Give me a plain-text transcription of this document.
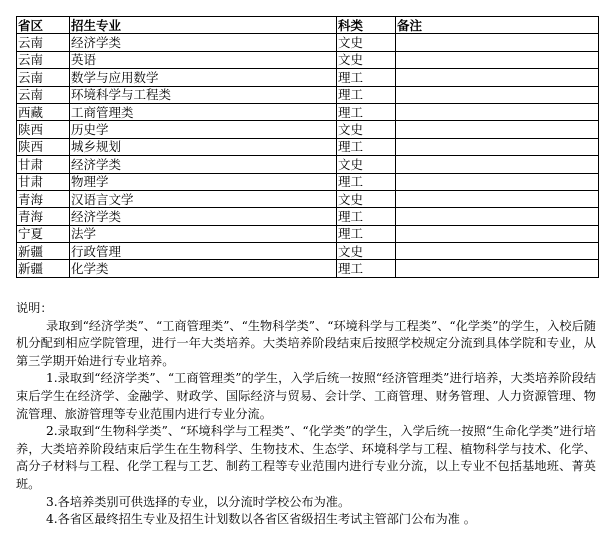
省区	招生专业	科类	备注
云南	经济学类	文史	
云南	英语	文史	
云南	数学与应用数学	理工	
云南	环境科学与工程类	理工	
西藏	工商管理类	理工	
陕西	历史学	文史	
陕西	城乡规划	理工	
甘肃	经济学类	文史	
甘肃	物理学	理工	
青海	汉语言文学	文史	
青海	经济学类	理工	
宁夏	法学	理工	
新疆	行政管理	文史	
新疆	化学类	理工	

说明：

录取到“经济学类”、“工商管理类”、“生物科学类”、“环境科学与工程类”、“化学类”的学生，入校后随机分配到相应学院管理，进行一年大类培养。大类培养阶段结束后按照学校规定分流到具体学院和专业，从第三学期开始进行专业培养。

1.录取到“经济学类”、“工商管理类”的学生，入学后统一按照“经济管理类”进行培养，大类培养阶段结束后学生在经济学、金融学、财政学、国际经济与贸易、会计学、工商管理、财务管理、人力资源管理、物流管理、旅游管理等专业范围内进行专业分流。

2.录取到“生物科学类”、“环境科学与工程类”、“化学类”的学生，入学后统一按照“生命化学类”进行培养，大类培养阶段结束后学生在生物科学、生物技术、生态学、环境科学与工程、植物科学与技术、化学、高分子材料与工程、化学工程与工艺、制药工程等专业范围内进行专业分流，以上专业不包括基地班、菁英班。

3.各培养类别可供选择的专业，以分流时学校公布为准。

4.各省区最终招生专业及招生计划数以各省区省级招生考试主管部门公布为准 。
